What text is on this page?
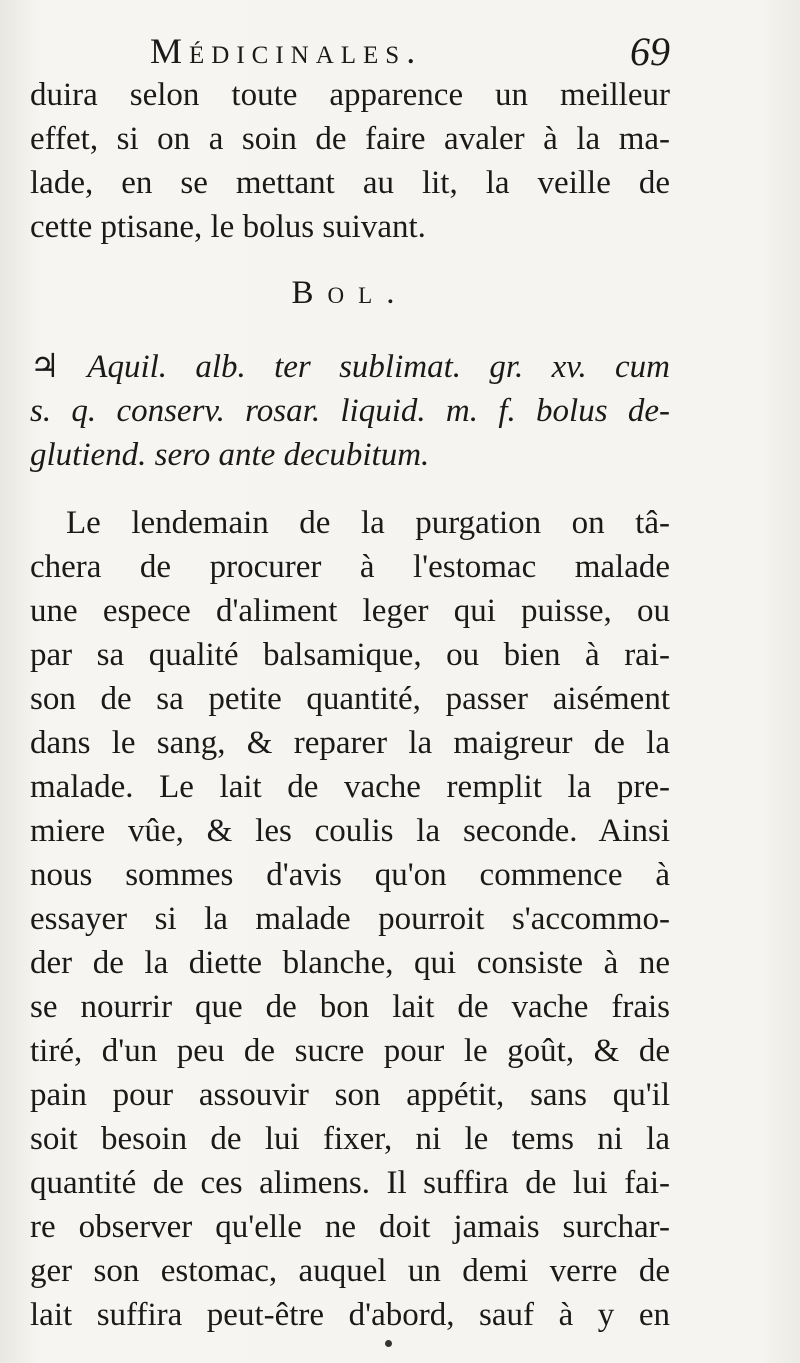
Médicinales.	69
duira selon toute apparence un meilleur
effet, si on a soin de faire avaler à la ma-
lade, en se mettant au lit, la veille de
cette ptisane, le bolus suivant.
Bol.
♃ Aquil. alb. ter sublimat. gr. xv. cum
s. q. conserv. rosar. liquid. m. f. bolus de-
glutiend. sero ante decubitum.
Le lendemain de la purgation on tâ-
chera de procurer à l'estomac malade
une espece d'aliment leger qui puisse, ou
par sa qualité balsamique, ou bien à rai-
son de sa petite quantité, passer aisément
dans le sang, & reparer la maigreur de la
malade. Le lait de vache remplit la pre-
miere vûe, & les coulis la seconde. Ainsi
nous sommes d'avis qu'on commence à
essayer si la malade pourroit s'accommo-
der de la diette blanche, qui consiste à ne
se nourrir que de bon lait de vache frais
tiré, d'un peu de sucre pour le goût, & de
pain pour assouvir son appétit, sans qu'il
soit besoin de lui fixer, ni le tems ni la
quantité de ces alimens. Il suffira de lui fai-
re observer qu'elle ne doit jamais surchar-
ger son estomac, auquel un demi verre de
lait suffira peut-être d'abord, sauf à y en
